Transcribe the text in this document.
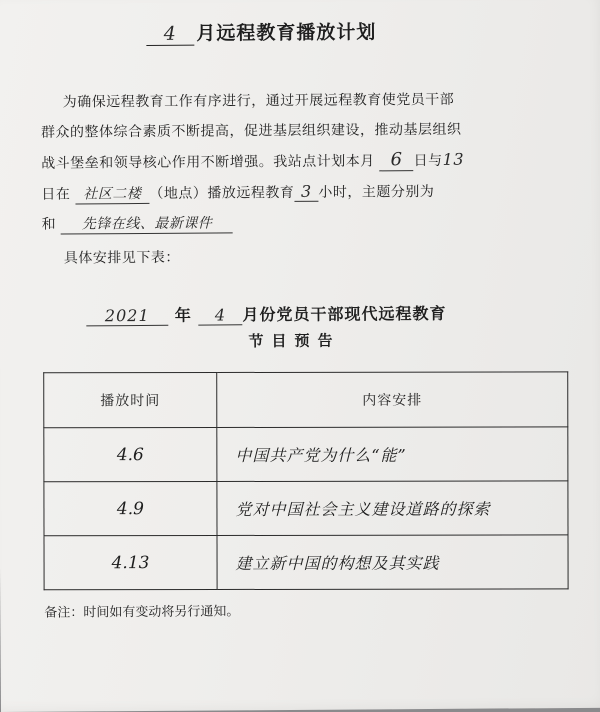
4 月远程教育播放计划
为确保远程教育工作有序进行，通过开展远程教育使党员干部
群众的整体综合素质不断提高，促进基层组织建设，推动基层组织
战斗堡垒和领导核心作用不断增强。我站点计划本月 6 日与13
日在 社区二楼 （地点）播放远程教育 3 小时，主题分别为
和 先锋在线、最新课件
具体安排见下表：
2021 年 4 月份党员干部现代远程教育
节目预告
播放时间	内容安排
4.6	中国共产党为什么“能”
4.9	党对中国社会主义建设道路的探索
4.13	建立新中国的构想及其实践
备注：时间如有变动将另行通知。
